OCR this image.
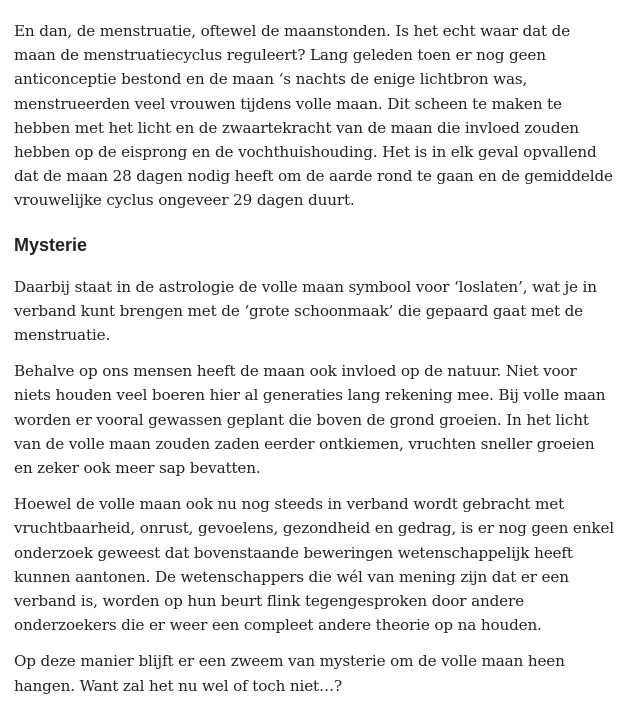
En dan, de menstruatie, oftewel de maanstonden. Is het echt waar dat de maan de menstruatiecyclus reguleert? Lang geleden toen er nog geen anticonceptie bestond en de maan ‘s nachts de enige lichtbron was, menstrueerden veel vrouwen tijdens volle maan. Dit scheen te maken te hebben met het licht en de zwaartekracht van de maan die invloed zouden hebben op de eisprong en de vochthuishouding. Het is in elk geval opvallend dat de maan 28 dagen nodig heeft om de aarde rond te gaan en de gemiddelde vrouwelijke cyclus ongeveer 29 dagen duurt.

Mysterie

Daarbij staat in de astrologie de volle maan symbool voor ‘loslaten’, wat je in verband kunt brengen met de ‘grote schoonmaak’ die gepaard gaat met de menstruatie.

Behalve op ons mensen heeft de maan ook invloed op de natuur. Niet voor niets houden veel boeren hier al generaties lang rekening mee. Bij volle maan worden er vooral gewassen geplant die boven de grond groeien. In het licht van de volle maan zouden zaden eerder ontkiemen, vruchten sneller groeien en zeker ook meer sap bevatten.

Hoewel de volle maan ook nu nog steeds in verband wordt gebracht met vruchtbaarheid, onrust, gevoelens, gezondheid en gedrag, is er nog geen enkel onderzoek geweest dat bovenstaande beweringen wetenschappelijk heeft kunnen aantonen. De wetenschappers die wél van mening zijn dat er een verband is, worden op hun beurt flink tegengesproken door andere onderzoekers die er weer een compleet andere theorie op na houden.

Op deze manier blijft er een zweem van mysterie om de volle maan heen hangen. Want zal het nu wel of toch niet…?
